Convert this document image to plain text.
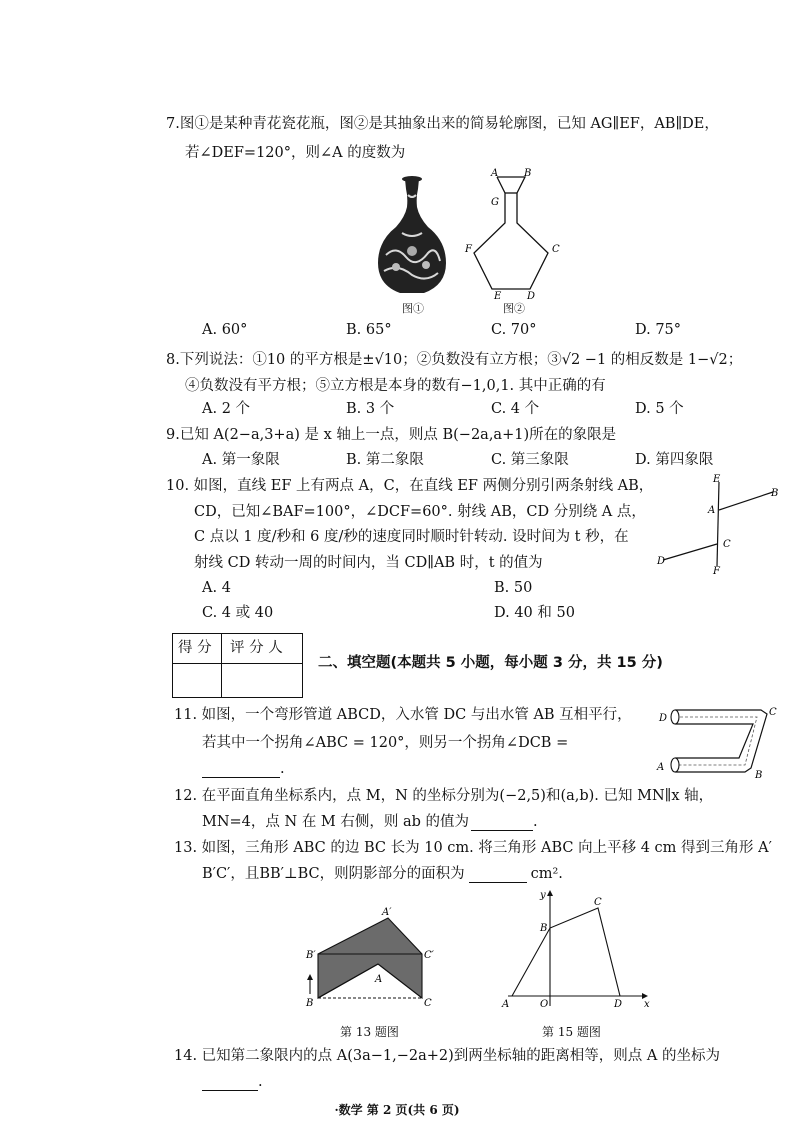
7.图①是某种青花瓷花瓶，图②是其抽象出来的简易轮廓图，已知 AG∥EF，AB∥DE，
若∠DEF=120°，则∠A 的度数为
图①
A	B
G
F	C
E	D
图②
A. 60°	B. 65°	C. 70°	D. 75°
8.下列说法：①10 的平方根是±√10；②负数没有立方根；③√2 −1 的相反数是 1−√2；
④负数没有平方根；⑤立方根是本身的数有−1,0,1. 其中正确的有
A. 2 个	B. 3 个	C. 4 个	D. 5 个
9.已知 A(2−a,3+a) 是 x 轴上一点，则点 B(−2a,a+1)所在的象限是
A. 第一象限	B. 第二象限	C. 第三象限	D. 第四象限
10. 如图，直线 EF 上有两点 A，C，在直线 EF 两侧分别引两条射线 AB，
CD，已知∠BAF=100°，∠DCF=60°. 射线 AB，CD 分别绕 A 点，
C 点以 1 度/秒和 6 度/秒的速度同时顺时针转动. 设时间为 t 秒，在
射线 CD 转动一周的时间内，当 CD∥AB 时，t 的值为
A. 4	B. 50
C. 4 或 40	D. 40 和 50
E
B
A
C
D
F
得 分 评 分 人
二、填空题(本题共 5 小题，每小题 3 分，共 15 分)
11. 如图，一个弯形管道 ABCD，入水管 DC 与出水管 AB 互相平行，
若其中一个拐角∠ABC = 120°，则另一个拐角∠DCB =
.
D
C
A
B
12. 在平面直角坐标系内，点 M，N 的坐标分别为(−2,5)和(a,b). 已知 MN∥x 轴，
MN=4，点 N 在 M 右侧，则 ab 的值为	.
13. 如图，三角形 ABC 的边 BC 长为 10 cm. 将三角形 ABC 向上平移 4 cm 得到三角形 A′
B′C′，且BB′⊥BC，则阴影部分的面积为	cm².
A′
B′	C′
A
B	C
第 13 题图
y
x
B
C
A	O	D
第 15 题图
14. 已知第二象限内的点 A(3a−1,−2a+2)到两坐标轴的距离相等，则点 A 的坐标为
.
·数学 第 2 页(共 6 页)
